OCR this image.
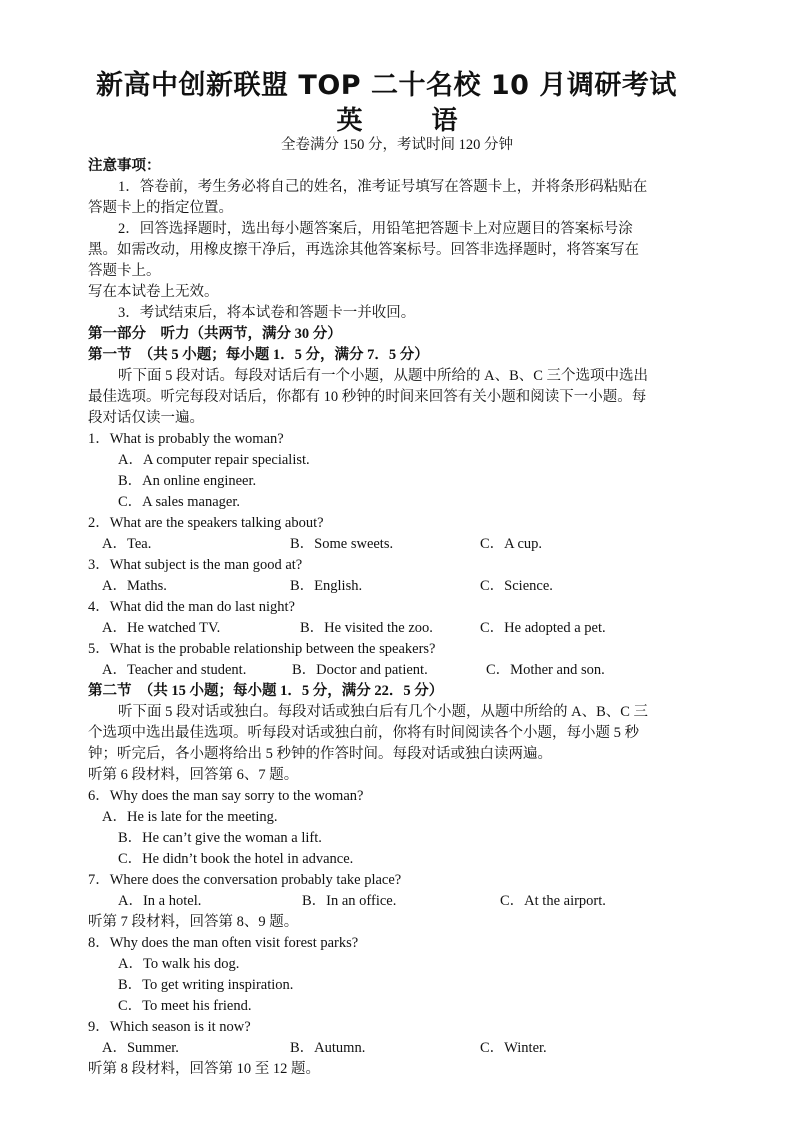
新高中创新联盟 TOP 二十名校 10 月调研考试
英 语
全卷满分 150 分，考试时间 120 分钟
注意事项：
1．答卷前，考生务必将自己的姓名，准考证号填写在答题卡上，并将条形码粘贴在
答题卡上的指定位置。
2．回答选择题时，选出每小题答案后，用铅笔把答题卡上对应题目的答案标号涂
黑。如需改动，用橡皮擦干净后，再选涂其他答案标号。回答非选择题时，将答案写在
答题卡上。
写在本试卷上无效。
3．考试结束后，将本试卷和答题卡一并收回。
第一部分　听力（共两节，满分 30 分）
第一节　（共 5 小题；每小题 1．5 分，满分 7．5 分）
听下面 5 段对话。每段对话后有一个小题，从题中所给的 A、B、C 三个选项中选出
最佳选项。听完每段对话后，你都有 10 秒钟的时间来回答有关小题和阅读下一小题。每
段对话仅读一遍。
1．What is probably the woman?
A．A computer repair specialist.
B．An online engineer.
C．A sales manager.
2．What are the speakers talking about?
A．Tea.	B．Some sweets.	C．A cup.
3．What subject is the man good at?
A．Maths.	B．English.	C．Science.
4．What did the man do last night?
A．He watched TV.	B．He visited the zoo.	C．He adopted a pet.
5．What is the probable relationship between the speakers?
A．Teacher and student.	B．Doctor and patient.	C．Mother and son.
第二节　（共 15 小题；每小题 1．5 分，满分 22．5 分）
听下面 5 段对话或独白。每段对话或独白后有几个小题，从题中所给的 A、B、C 三
个选项中选出最佳选项。听每段对话或独白前，你将有时间阅读各个小题，每小题 5 秒
钟；听完后，各小题将给出 5 秒钟的作答时间。每段对话或独白读两遍。
听第 6 段材料，回答第 6、7 题。
6．Why does the man say sorry to the woman?
A．He is late for the meeting.
B．He can’t give the woman a lift.
C．He didn’t book the hotel in advance.
7．Where does the conversation probably take place?
A．In a hotel.	B．In an office.	C．At the airport.
听第 7 段材料，回答第 8、9 题。
8．Why does the man often visit forest parks?
A．To walk his dog.
B．To get writing inspiration.
C．To meet his friend.
9．Which season is it now?
A．Summer.	B．Autumn.	C．Winter.
听第 8 段材料，回答第 10 至 12 题。
